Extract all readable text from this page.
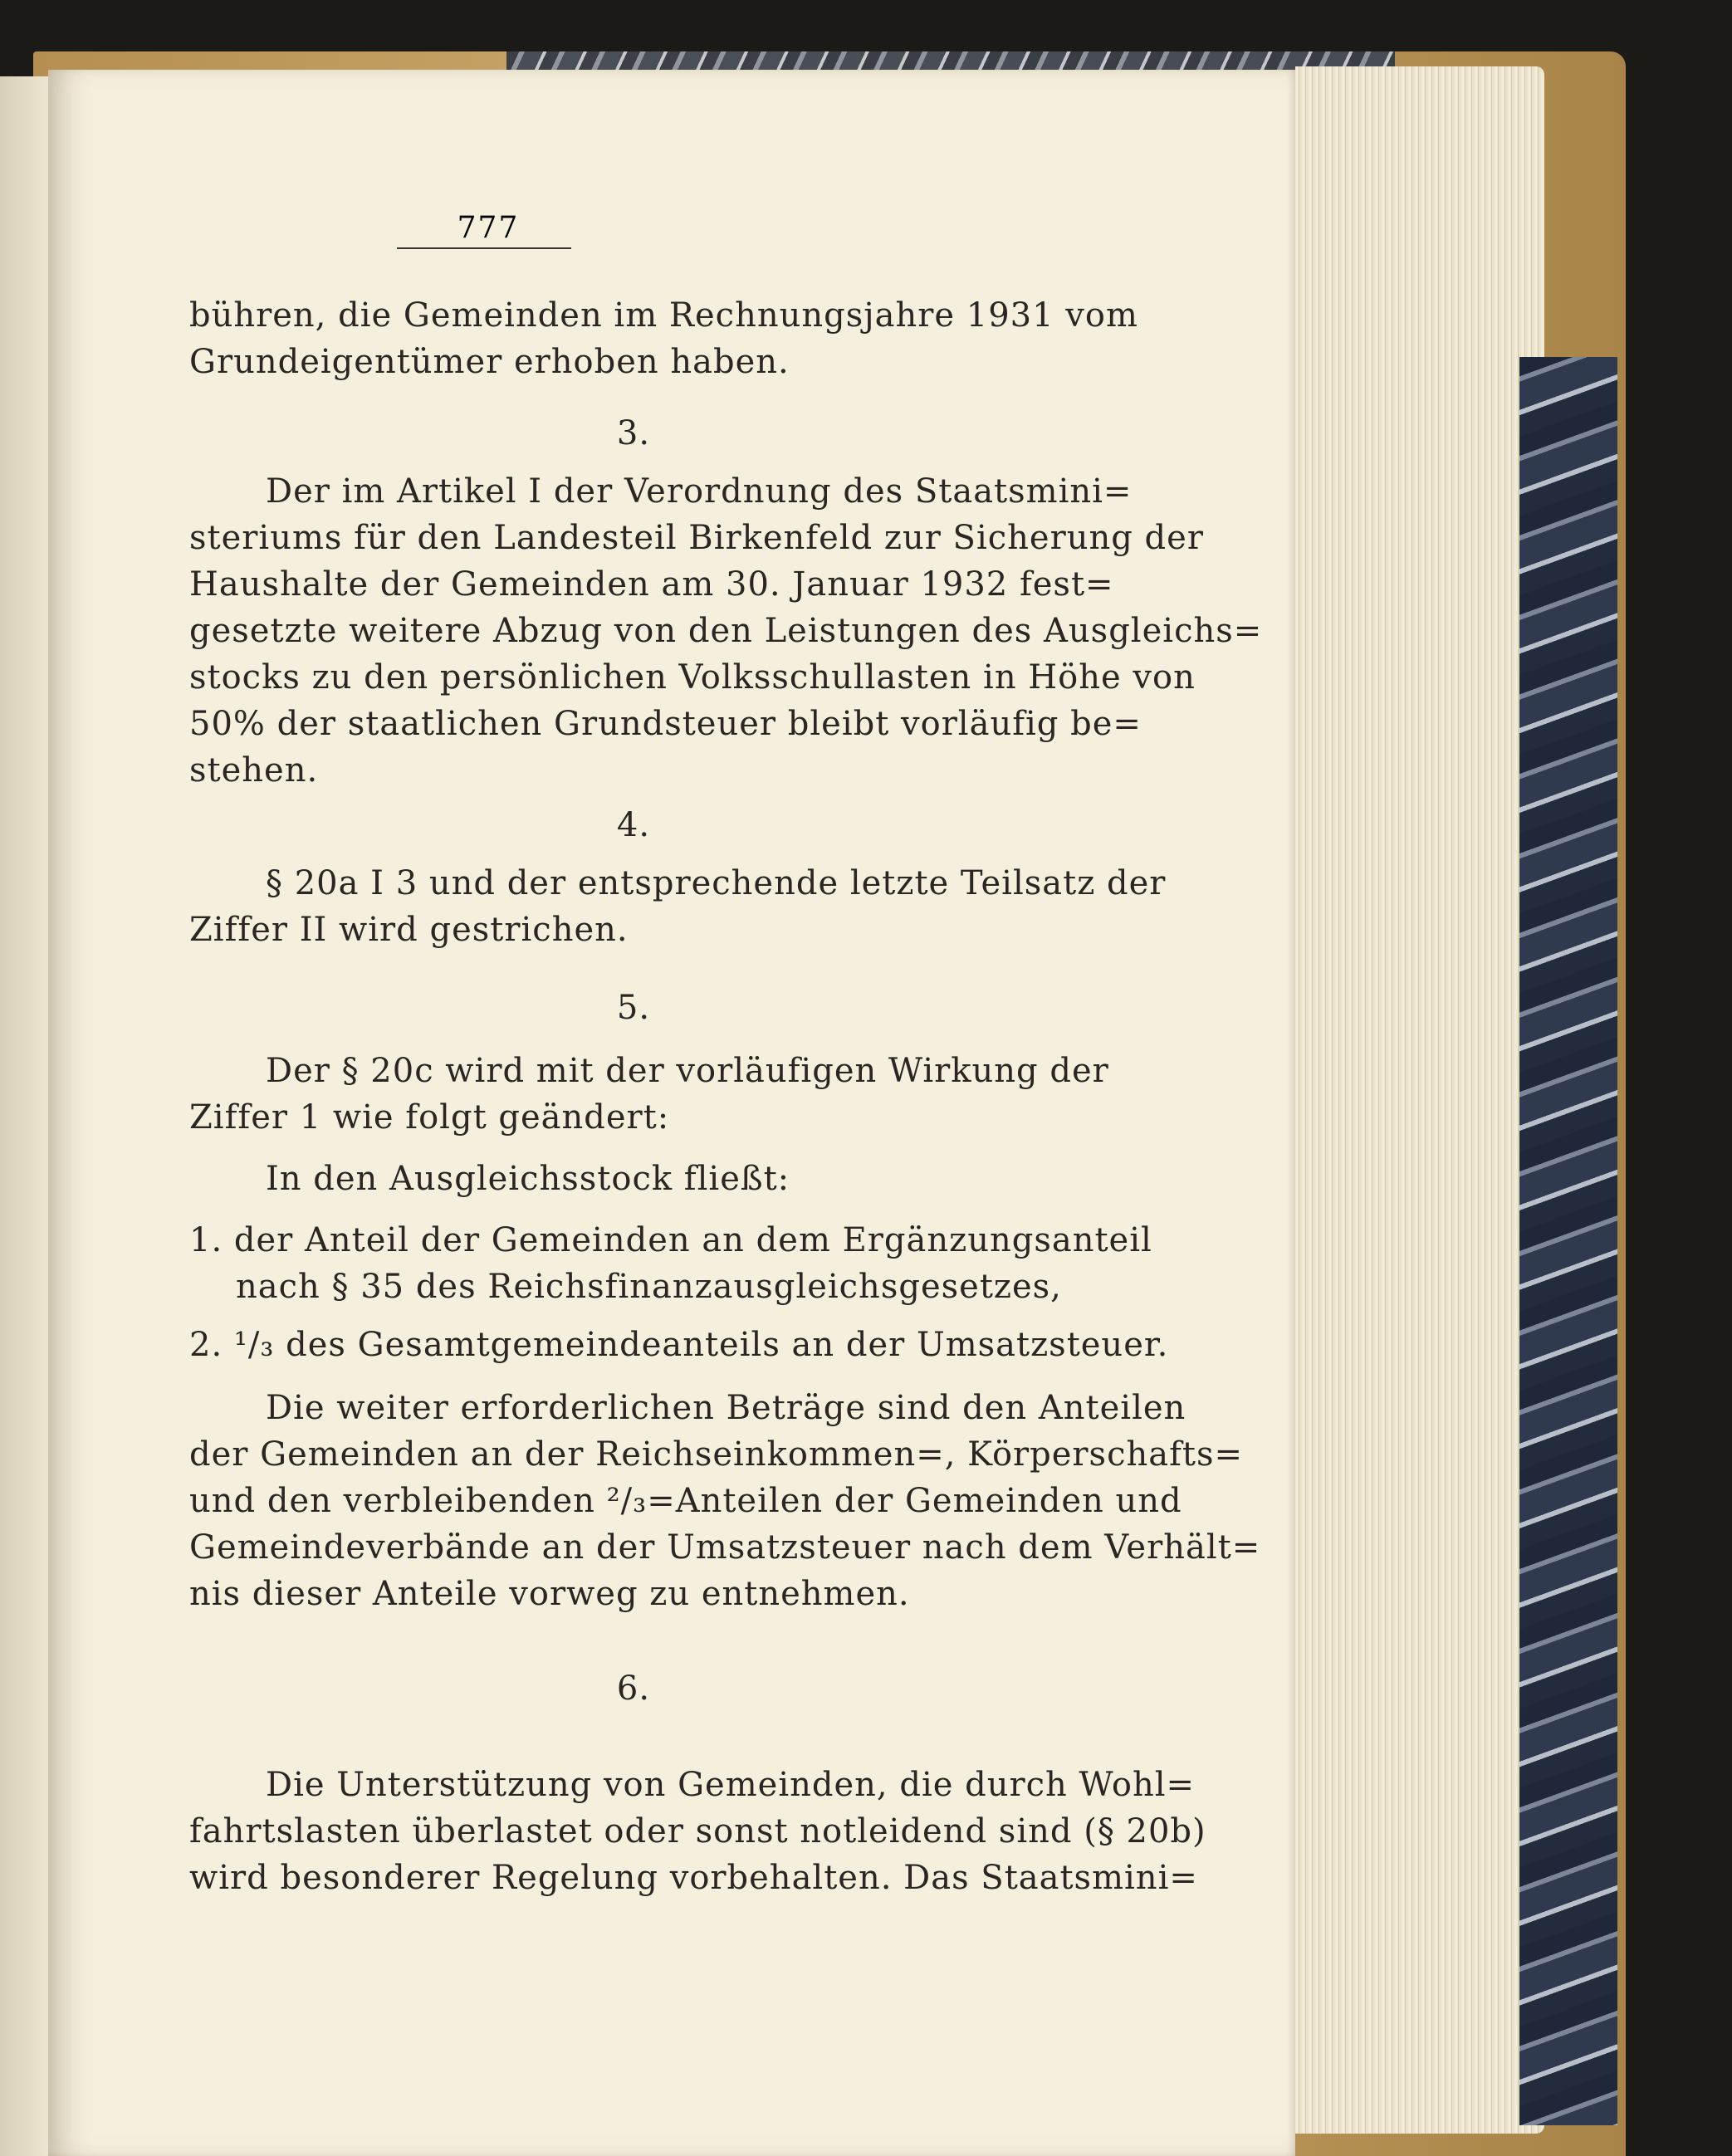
777
bühren, die Gemeinden im Rechnungsjahre 1931 vom
Grundeigentümer erhoben haben.
3.
Der im Artikel I der Verordnung des Staatsmini=
steriums für den Landesteil Birkenfeld zur Sicherung der
Haushalte der Gemeinden am 30. Januar 1932 fest=
gesetzte weitere Abzug von den Leistungen des Ausgleichs=
stocks zu den persönlichen Volksschullasten in Höhe von
50% der staatlichen Grundsteuer bleibt vorläufig be=
stehen.
4.
§ 20a I 3 und der entsprechende letzte Teilsatz der
Ziffer II wird gestrichen.
5.
Der § 20c wird mit der vorläufigen Wirkung der
Ziffer 1 wie folgt geändert:
In den Ausgleichsstock fließt:
1. der Anteil der Gemeinden an dem Ergänzungsanteil
nach § 35 des Reichsfinanzausgleichsgesetzes,
2. ¹/₃ des Gesamtgemeindeanteils an der Umsatzsteuer.
Die weiter erforderlichen Beträge sind den Anteilen
der Gemeinden an der Reichseinkommen=, Körperschafts=
und den verbleibenden ²/₃=Anteilen der Gemeinden und
Gemeindeverbände an der Umsatzsteuer nach dem Verhält=
nis dieser Anteile vorweg zu entnehmen.
6.
Die Unterstützung von Gemeinden, die durch Wohl=
fahrtslasten überlastet oder sonst notleidend sind (§ 20b)
wird besonderer Regelung vorbehalten. Das Staatsmini=
